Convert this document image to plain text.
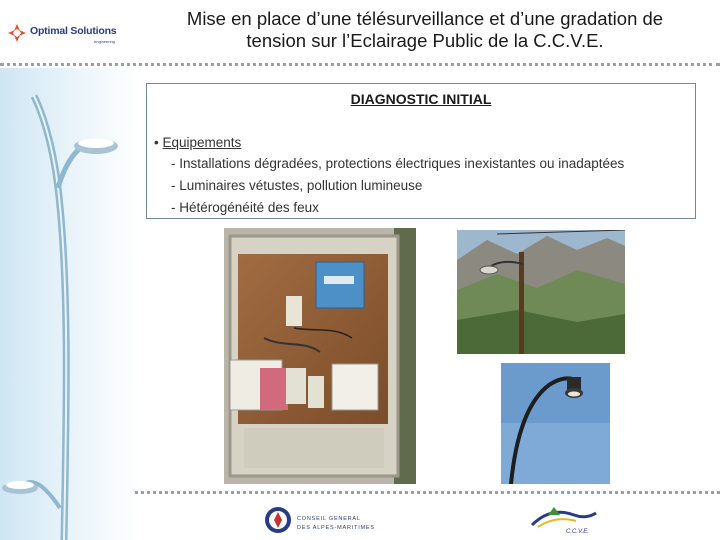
Optimal Solutions
engineering
Mise en place d’une télésurveillance et d’une gradation de
tension sur l’Eclairage Public de la C.C.V.E.
DIAGNOSTIC INITIAL
• Equipements
- Installations dégradées, protections électriques inexistantes ou inadaptées
- Luminaires vétustes, pollution lumineuse
- Hétérogénéité des feux
CONSEIL GENERAL
DES ALPES-MARITIMES
C.C.V.E.
